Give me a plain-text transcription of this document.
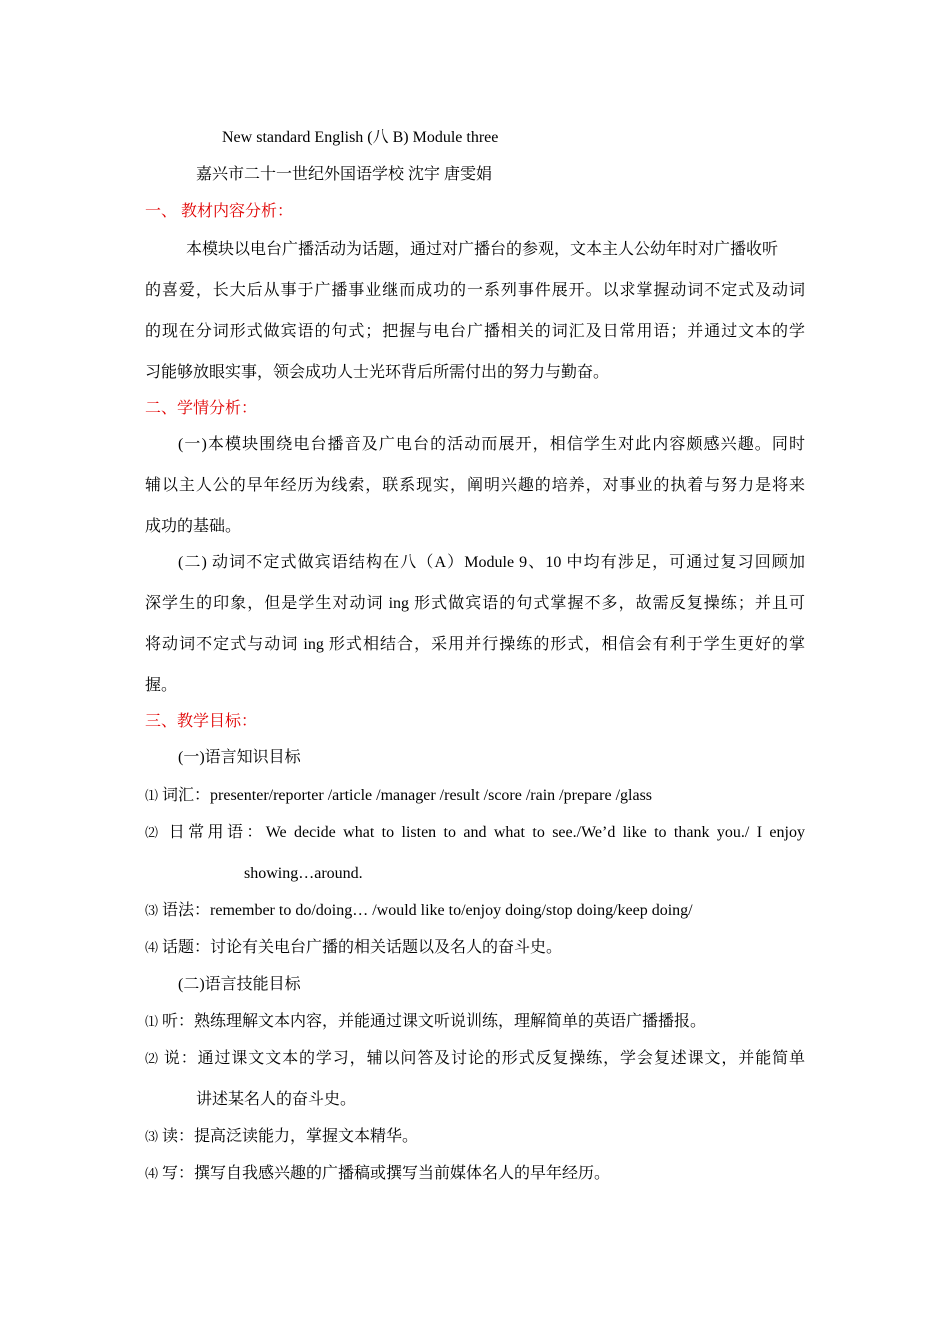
New standard English (八 B) Module three
嘉兴市二十一世纪外国语学校 沈宇 唐雯娟
一、 教材内容分析：
本模块以电台广播活动为话题，通过对广播台的参观，文本主人公幼年时对广播收听
的喜爱，长大后从事于广播事业继而成功的一系列事件展开。以求掌握动词不定式及动词
的现在分词形式做宾语的句式；把握与电台广播相关的词汇及日常用语；并通过文本的学
习能够放眼实事，领会成功人士光环背后所需付出的努力与勤奋。
二、学情分析：
(一)本模块围绕电台播音及广电台的活动而展开，相信学生对此内容颇感兴趣。同时
辅以主人公的早年经历为线索，联系现实，阐明兴趣的培养，对事业的执着与努力是将来
成功的基础。
(二) 动词不定式做宾语结构在八（A）Module 9、10 中均有涉足，可通过复习回顾加
深学生的印象，但是学生对动词 ing 形式做宾语的句式掌握不多，故需反复操练；并且可
将动词不定式与动词 ing 形式相结合，采用并行操练的形式，相信会有利于学生更好的掌
握。
三、教学目标：
(一)语言知识目标
⑴ 词汇：presenter/reporter /article /manager /result /score /rain /prepare /glass
⑵ 日常用语：We decide what to listen to and what to see./We’d like to thank you./ I enjoy
showing…around.
⑶ 语法：remember to do/doing… /would like to/enjoy doing/stop doing/keep doing/
⑷ 话题：讨论有关电台广播的相关话题以及名人的奋斗史。
(二)语言技能目标
⑴ 听：熟练理解文本内容，并能通过课文听说训练，理解简单的英语广播播报。
⑵ 说：通过课文文本的学习，辅以问答及讨论的形式反复操练，学会复述课文，并能简单
讲述某名人的奋斗史。
⑶ 读：提高泛读能力，掌握文本精华。
⑷ 写：撰写自我感兴趣的广播稿或撰写当前媒体名人的早年经历。
